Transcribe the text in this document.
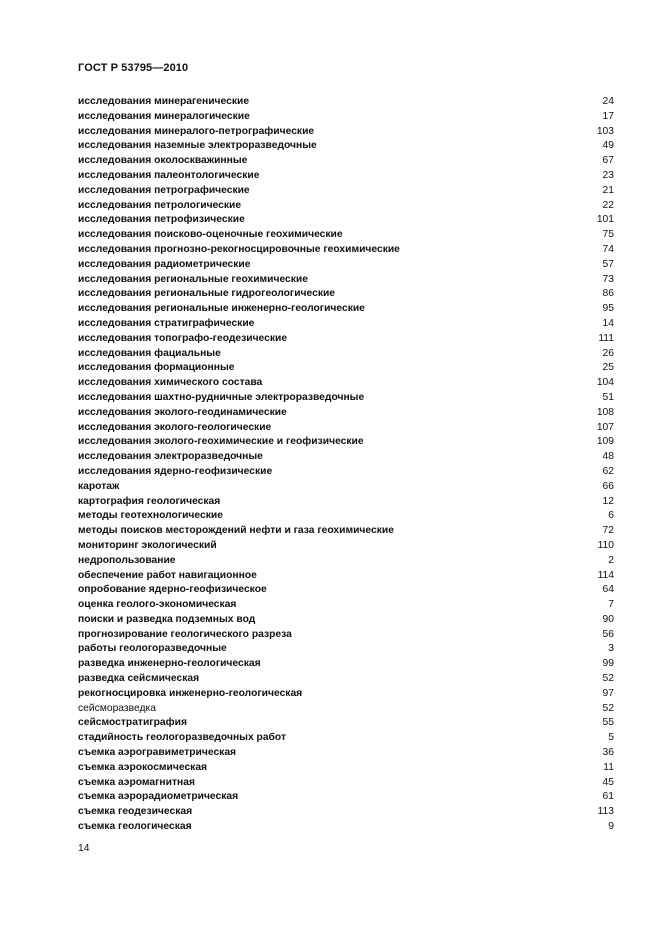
ГОСТ Р 53795—2010
исследования минерагенические	24
исследования минералогические	17
исследования минералого-петрографические	103
исследования наземные электроразведочные	49
исследования околоскважинные	67
исследования палеонтологические	23
исследования петрографические	21
исследования петрологические	22
исследования петрофизические	101
исследования поисково-оценочные геохимические	75
исследования прогнозно-рекогносцировочные геохимические	74
исследования радиометрические	57
исследования региональные геохимические	73
исследования региональные гидрогеологические	86
исследования региональные инженерно-геологические	95
исследования стратиграфические	14
исследования топографо-геодезические	111
исследования фациальные	26
исследования формационные	25
исследования химического состава	104
исследования шахтно-рудничные электроразведочные	51
исследования эколого-геодинамические	108
исследования эколого-геологические	107
исследования эколого-геохимические и геофизические	109
исследования электроразведочные	48
исследования ядерно-геофизические	62
каротаж	66
картография геологическая	12
методы геотехнологические	6
методы поисков месторождений нефти и газа геохимические	72
мониторинг экологический	110
недропользование	2
обеспечение работ навигационное	114
опробование ядерно-геофизическое	64
оценка геолого-экономическая	7
поиски и разведка подземных вод	90
прогнозирование геологического разреза	56
работы геологоразведочные	3
разведка инженерно-геологическая	99
разведка сейсмическая	52
рекогносцировка инженерно-геологическая	97
сейсморазведка	52
сейсмостратиграфия	55
стадийность геологоразведочных работ	5
съемка аэрогравиметрическая	36
съемка аэрокосмическая	11
съемка аэромагнитная	45
съемка аэрорадиометрическая	61
съемка геодезическая	113
съемка геологическая	9
14
